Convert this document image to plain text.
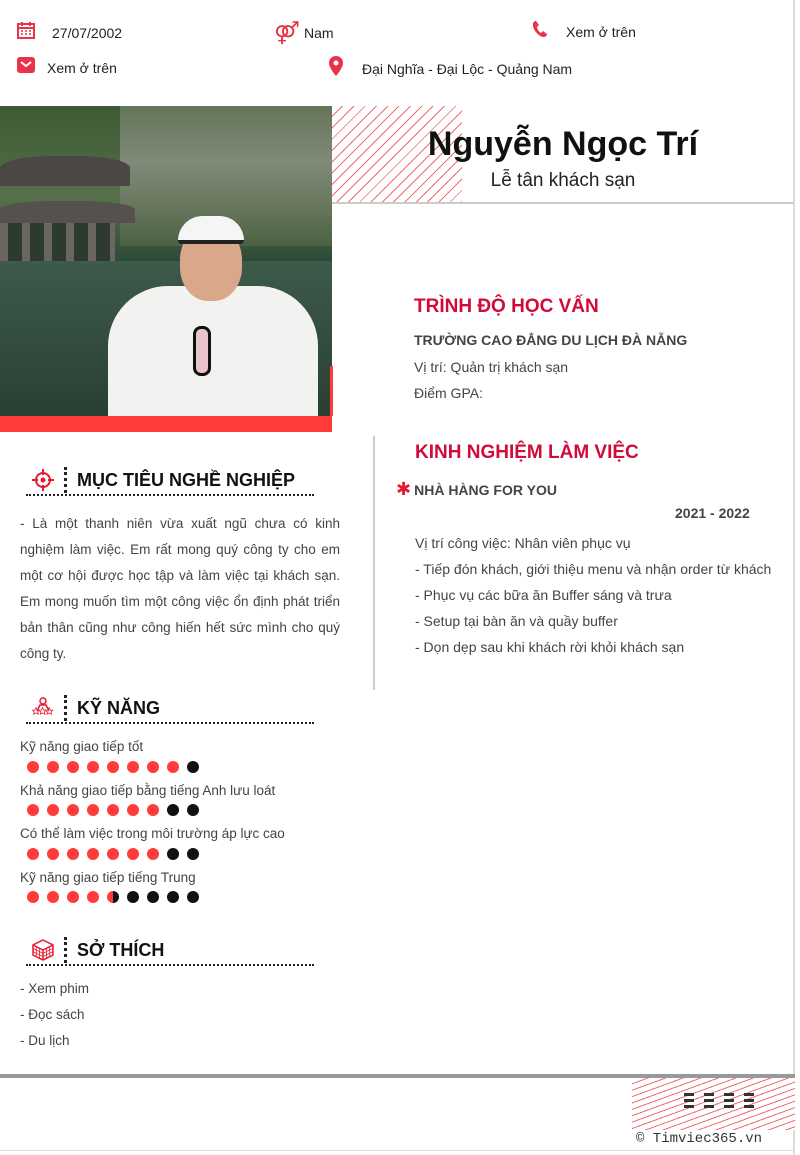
27/07/2002	⚤ Nam	Xem ở trên
Xem ở trên	Đại Nghĩa - Đại Lộc - Quảng Nam
Nguyễn Ngọc Trí
Lễ tân khách sạn
TRÌNH ĐỘ HỌC VẤN
TRƯỜNG CAO ĐẲNG DU LỊCH ĐÀ NẴNG
Vị trí: Quản trị khách sạn
Điểm GPA:
KINH NGHIỆM LÀM VIỆC
✱ NHÀ HÀNG FOR YOU
2021 - 2022
Vị trí công việc: Nhân viên phục vụ
- Tiếp đón khách, giới thiệu menu và nhận order từ khách
- Phục vụ các bữa ăn Buffer sáng và trưa
- Setup tại bàn ăn và quầy buffer
- Dọn dẹp sau khi khách rời khỏi khách sạn
MỤC TIÊU NGHỀ NGHIỆP
- Là một thanh niên vừa xuất ngũ chưa có kinh nghiệm làm việc. Em rất mong quý công ty cho em một cơ hội được học tập và làm việc tại khách sạn. Em mong muốn tìm một công việc ổn định phát triển bản thân cũng như công hiến hết sức mình cho quý công ty.
KỸ NĂNG
Kỹ năng giao tiếp tốt
Khả năng giao tiếp bằng tiếng Anh lưu loát
Có thể làm việc trong môi trường áp lực cao
Kỹ năng giao tiếp tiếng Trung
SỞ THÍCH
- Xem phim
- Đọc sách
- Du lịch
© Timviec365.vn
